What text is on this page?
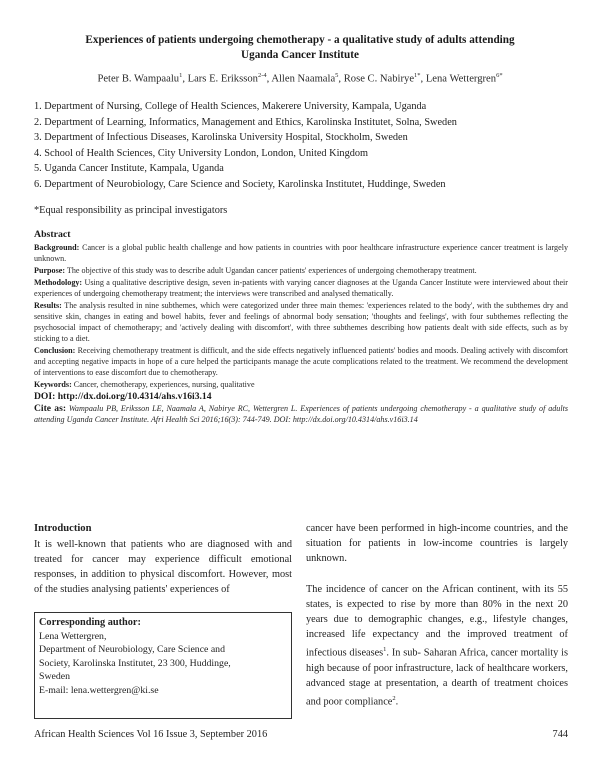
Experiences of patients undergoing chemotherapy - a qualitative study of adults attending
Uganda Cancer Institute
Peter B. Wampaalu$^1$, Lars E. Eriksson$^{2-4}$, Allen Naamala$^5$, Rose C. Nabirye$^{1*}$, Lena Wettergren$^{6*}$
1. Department of Nursing, College of Health Sciences, Makerere University, Kampala, Uganda
2. Department of Learning, Informatics, Management and Ethics, Karolinska Institutet, Solna, Sweden
3. Department of Infectious Diseases, Karolinska University Hospital, Stockholm, Sweden
4. School of Health Sciences, City University London, London, United Kingdom
5. Uganda Cancer Institute, Kampala, Uganda
6. Department of Neurobiology, Care Science and Society, Karolinska Institutet, Huddinge, Sweden
*Equal responsibility as principal investigators
Abstract

Background: Cancer is a global public health challenge and how patients in countries with poor healthcare infrastructure experience cancer treatment is largely unknown.

Purpose: The objective of this study was to describe adult Ugandan cancer patients' experiences of undergoing chemotherapy treatment.

Methodology: Using a qualitative descriptive design, seven in-patients with varying cancer diagnoses at the Uganda Cancer Institute were interviewed about their experiences of undergoing chemotherapy treatment; the interviews were transcribed and analysed thematically.

Results: The analysis resulted in nine subthemes, which were categorized under three main themes: 'experiences related to the body', with the subthemes dry and sensitive skin, changes in eating and bowel habits, fever and feelings of abnormal body sensation; 'thoughts and feelings', with four subthemes reflecting the psychosocial impact of chemotherapy; and 'actively dealing with discomfort', with three subthemes describing how patients dealt with side effects, such as by sticking to a diet.

Conclusion: Receiving chemotherapy treatment is difficult, and the side effects negatively influenced patients' bodies and moods. Dealing actively with discomfort and accepting negative impacts in hope of a cure helped the participants manage the acute complications related to the treatment. We recommend the development of interventions to ease discomfort due to chemotherapy.

Keywords: Cancer, chemotherapy, experiences, nursing, qualitative

DOI: http://dx.doi.org/10.4314/ahs.v16i3.14

Cite as: Wampaalu PB, Eriksson LE, Naamala A, Nabirye RC, Wettergren L. Experiences of patients undergoing chemotherapy - a qualitative study of adults attending Uganda Cancer Institute. Afri Health Sci 2016;16(3): 744-749. DOI: http://dx.doi.org/10.4314/ahs.v16i3.14

Introduction

It is well-known that patients who are diagnosed with and treated for cancer may experience difficult emotional responses, in addition to physical discomfort. However, most of the studies analysing patients' experiences of

Corresponding author:
Lena Wettergren,
Department of Neurobiology, Care Science and
Society, Karolinska Institutet, 23 300, Huddinge,
Sweden
E-mail: lena.wettergren@ki.se

cancer have been performed in high-income countries, and the situation for patients in low-income countries is largely unknown.

The incidence of cancer on the African continent, with its 55 states, is expected to rise by more than 80% in the next 20 years due to demographic changes, e.g., lifestyle changes, increased life expectancy and the improved treatment of infectious diseases$^1$. In sub- Saharan Africa, cancer mortality is high because of poor infrastructure, lack of healthcare workers, advanced stage at presentation, a dearth of treatment choices and poor compliance$^2$.

African Health Sciences Vol 16 Issue 3, September 2016	744
